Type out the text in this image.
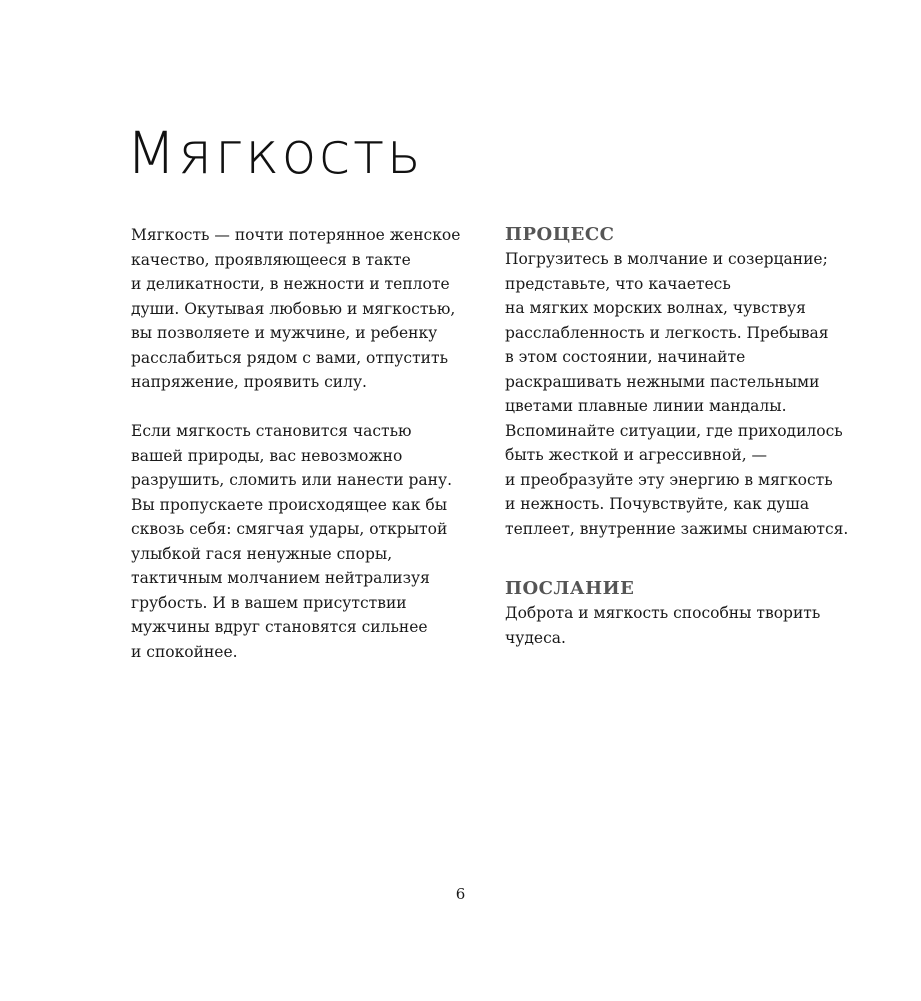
Мягкость

Мягкость — почти потерянное женское
качество, проявляющееся в такте
и деликатности, в нежности и теплоте
души. Окутывая любовью и мягкостью,
вы позволяете и мужчине, и ребенку
расслабиться рядом с вами, отпустить
напряжение, проявить силу.

Если мягкость становится частью
вашей природы, вас невозможно
разрушить, сломить или нанести рану.
Вы пропускаете происходящее как бы
сквозь себя: смягчая удары, открытой
улыбкой гася ненужные споры,
тактичным молчанием нейтрализуя
грубость. И в вашем присутствии
мужчины вдруг становятся сильнее
и спокойнее.

ПРОЦЕСС

Погрузитесь в молчание и созерцание;
представьте, что качаетесь
на мягких морских волнах, чувствуя
расслабленность и легкость. Пребывая
в этом состоянии, начинайте
раскрашивать нежными пастельными
цветами плавные линии мандалы.
Вспоминайте ситуации, где приходилось
быть жесткой и агрессивной, —
и преобразуйте эту энергию в мягкость
и нежность. Почувствуйте, как душа
теплеет, внутренние зажимы снимаются.

ПОСЛАНИЕ

Доброта и мягкость способны творить
чудеса.

6
